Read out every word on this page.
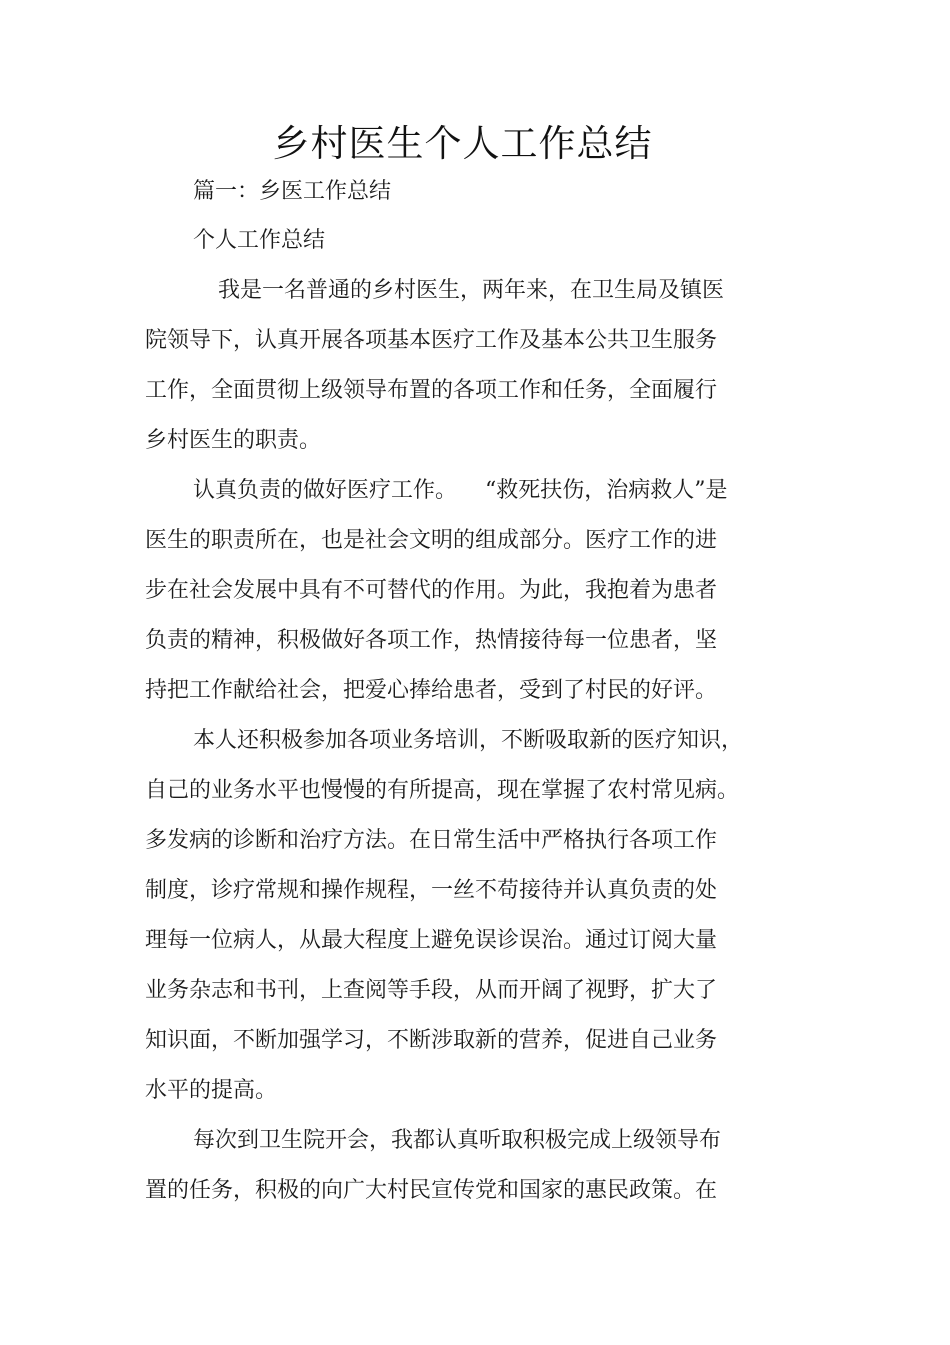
乡村医生个人工作总结
篇一：乡医工作总结
个人工作总结
我是一名普通的乡村医生，两年来，在卫生局及镇医
院领导下，认真开展各项基本医疗工作及基本公共卫生服务
工作，全面贯彻上级领导布置的各项工作和任务，全面履行
乡村医生的职责。
认真负责的做好医疗工作。    “救死扶伤，治病救人”是
医生的职责所在，也是社会文明的组成部分。医疗工作的进
步在社会发展中具有不可替代的作用。为此，我抱着为患者
负责的精神，积极做好各项工作，热情接待每一位患者，坚
持把工作献给社会，把爱心捧给患者，受到了村民的好评。
本人还积极参加各项业务培训，不断吸取新的医疗知识，
自己的业务水平也慢慢的有所提高，现在掌握了农村常见病。
多发病的诊断和治疗方法。在日常生活中严格执行各项工作
制度，诊疗常规和操作规程，一丝不苟接待并认真负责的处
理每一位病人，从最大程度上避免误诊误治。通过订阅大量
业务杂志和书刊，上查阅等手段，从而开阔了视野，扩大了
知识面，不断加强学习，不断涉取新的营养，促进自己业务
水平的提高。
每次到卫生院开会，我都认真听取积极完成上级领导布
置的任务，积极的向广大村民宣传党和国家的惠民政策。在
